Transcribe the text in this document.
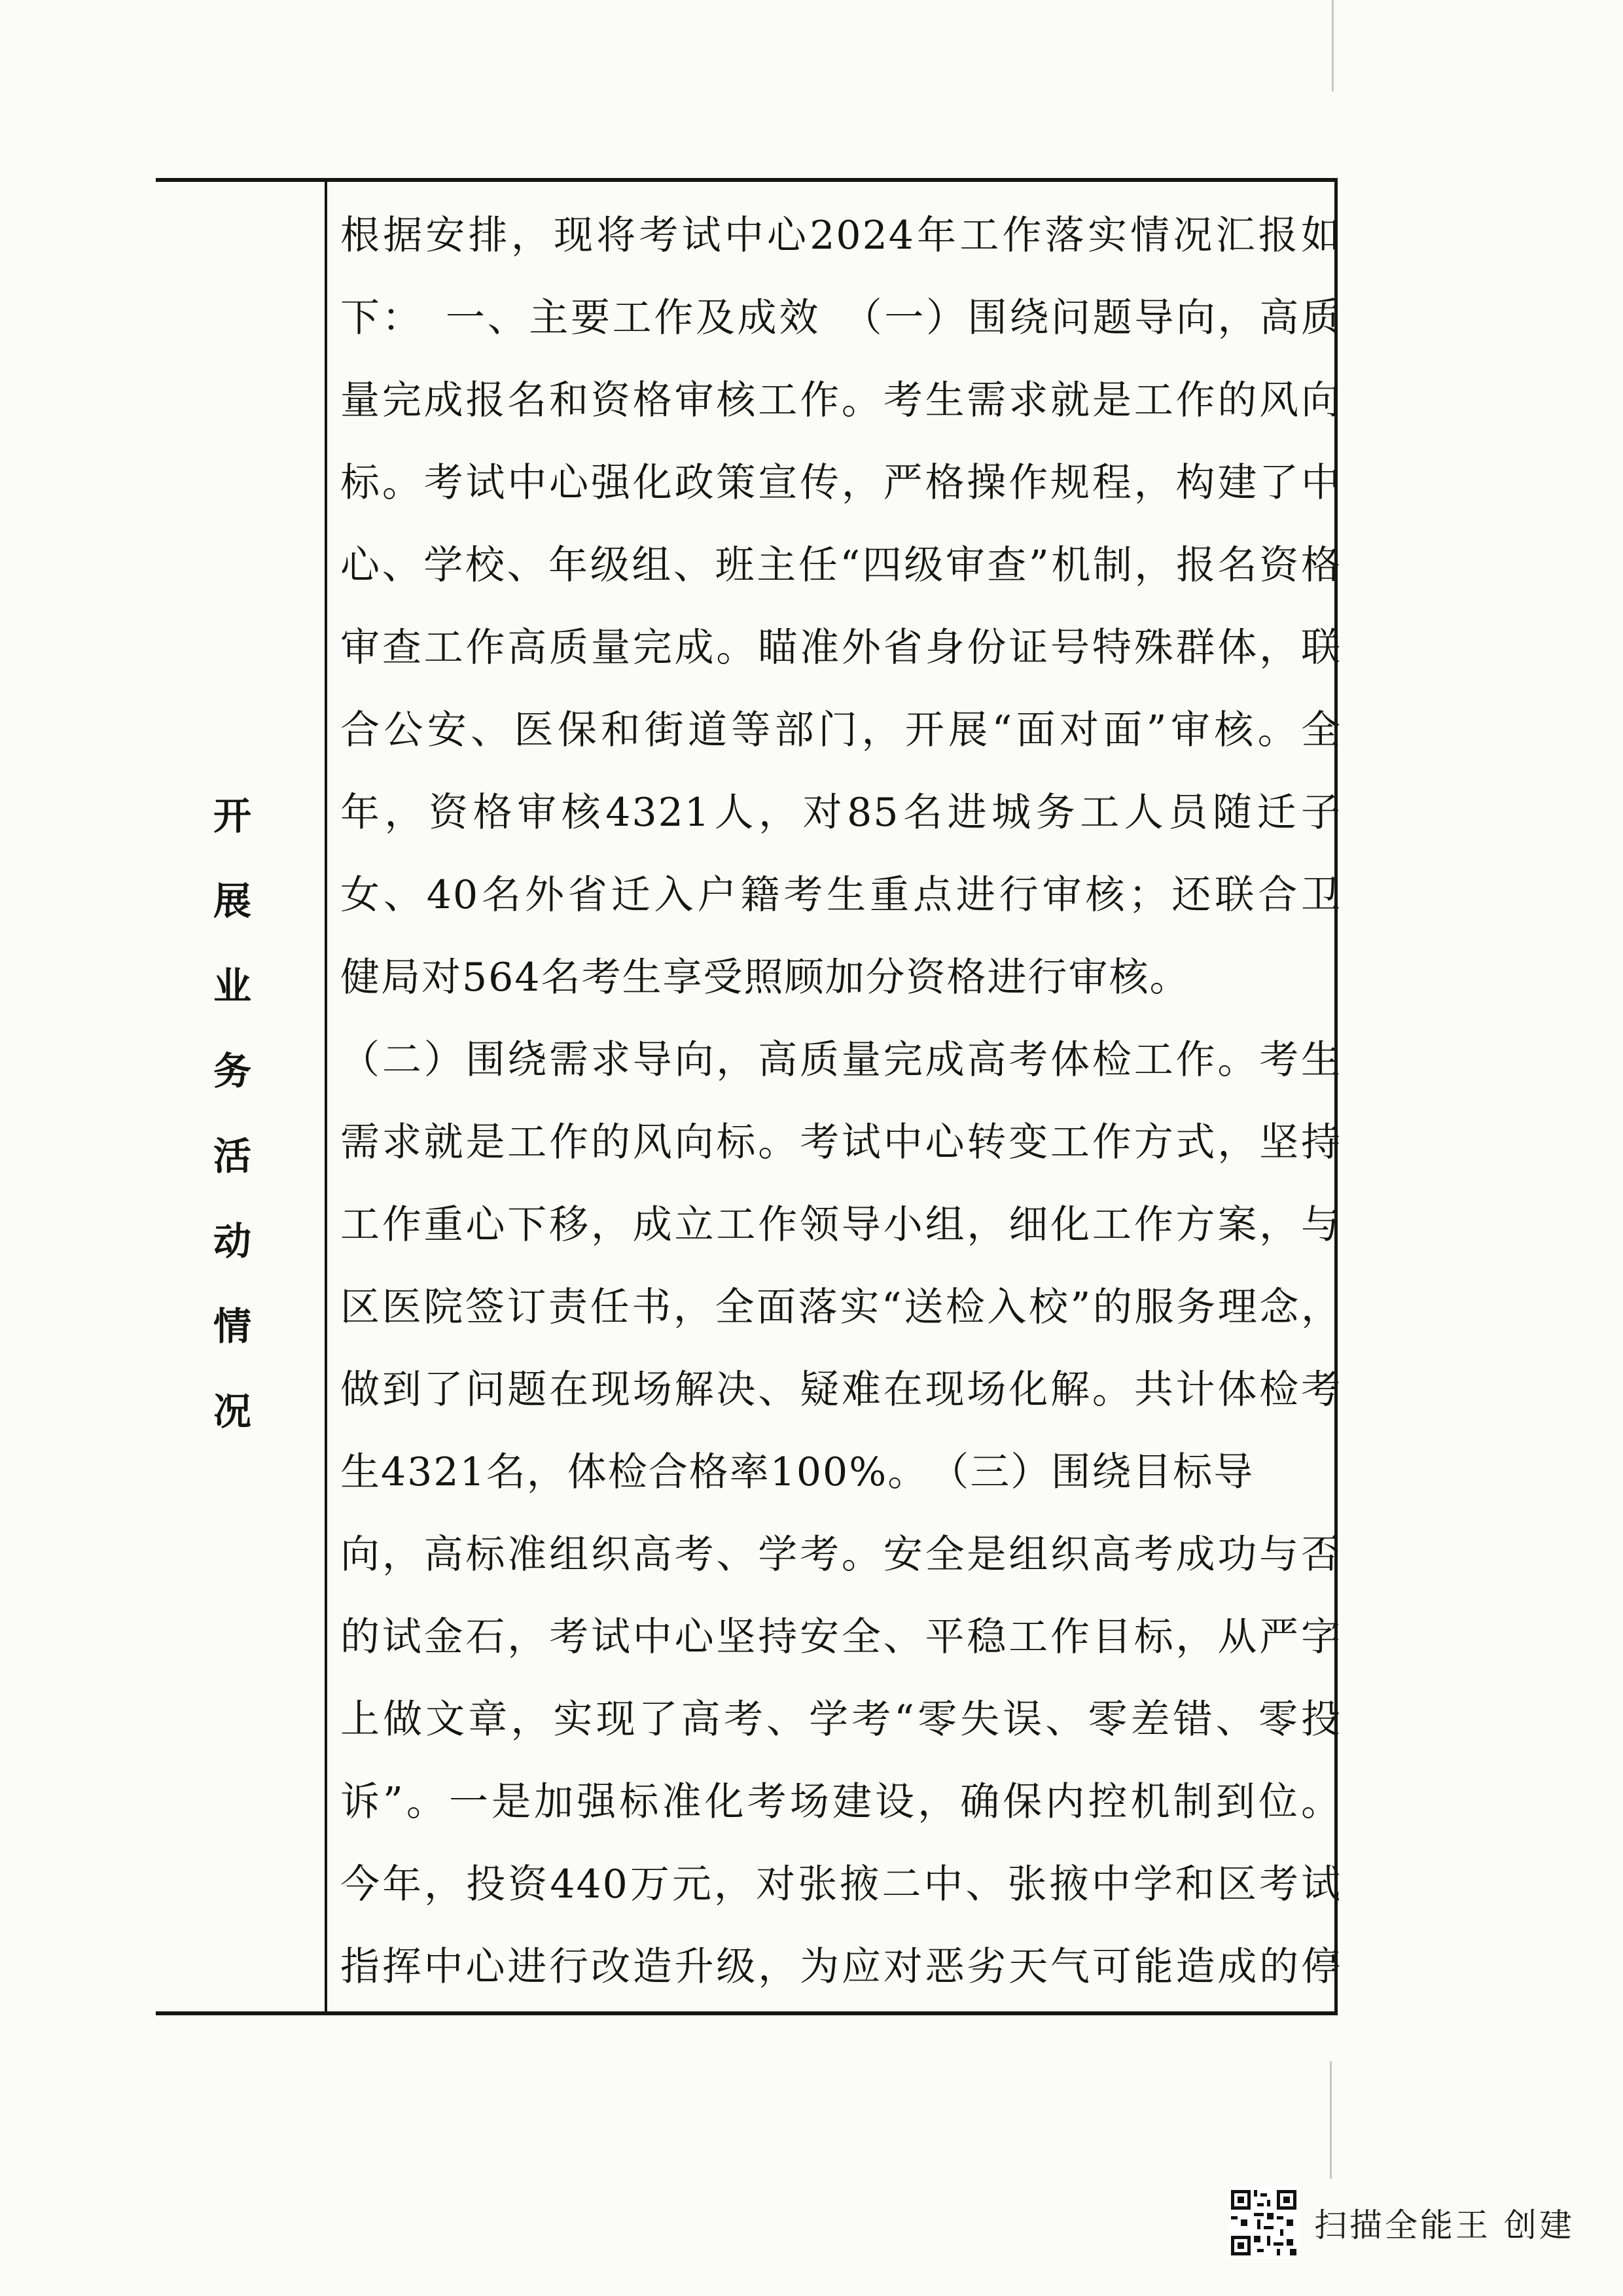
开
展
业
务
活
动
情
况
根据安排，现将考试中心2024年工作落实情况汇报如
下：　一、主要工作及成效　（一）围绕问题导向，高质
量完成报名和资格审核工作。考生需求就是工作的风向
标。考试中心强化政策宣传，严格操作规程，构建了中
心、学校、年级组、班主任“四级审查”机制，报名资格
审查工作高质量完成。瞄准外省身份证号特殊群体，联
合公安、医保和街道等部门，开展“面对面”审核。全
年，资格审核4321人，对85名进城务工人员随迁子
女、40名外省迁入户籍考生重点进行审核；还联合卫
健局对564名考生享受照顾加分资格进行审核。
（二）围绕需求导向，高质量完成高考体检工作。考生
需求就是工作的风向标。考试中心转变工作方式，坚持
工作重心下移，成立工作领导小组，细化工作方案，与
区医院签订责任书，全面落实“送检入校”的服务理念，
做到了问题在现场解决、疑难在现场化解。共计体检考
生4321名，体检合格率100%。　（三）围绕目标导
向，高标准组织高考、学考。安全是组织高考成功与否
的试金石，考试中心坚持安全、平稳工作目标，从严字
上做文章，实现了高考、学考“零失误、零差错、零投
诉”。一是加强标准化考场建设，确保内控机制到位。
今年，投资440万元，对张掖二中、张掖中学和区考试
指挥中心进行改造升级，为应对恶劣天气可能造成的停
扫描全能王 创建
